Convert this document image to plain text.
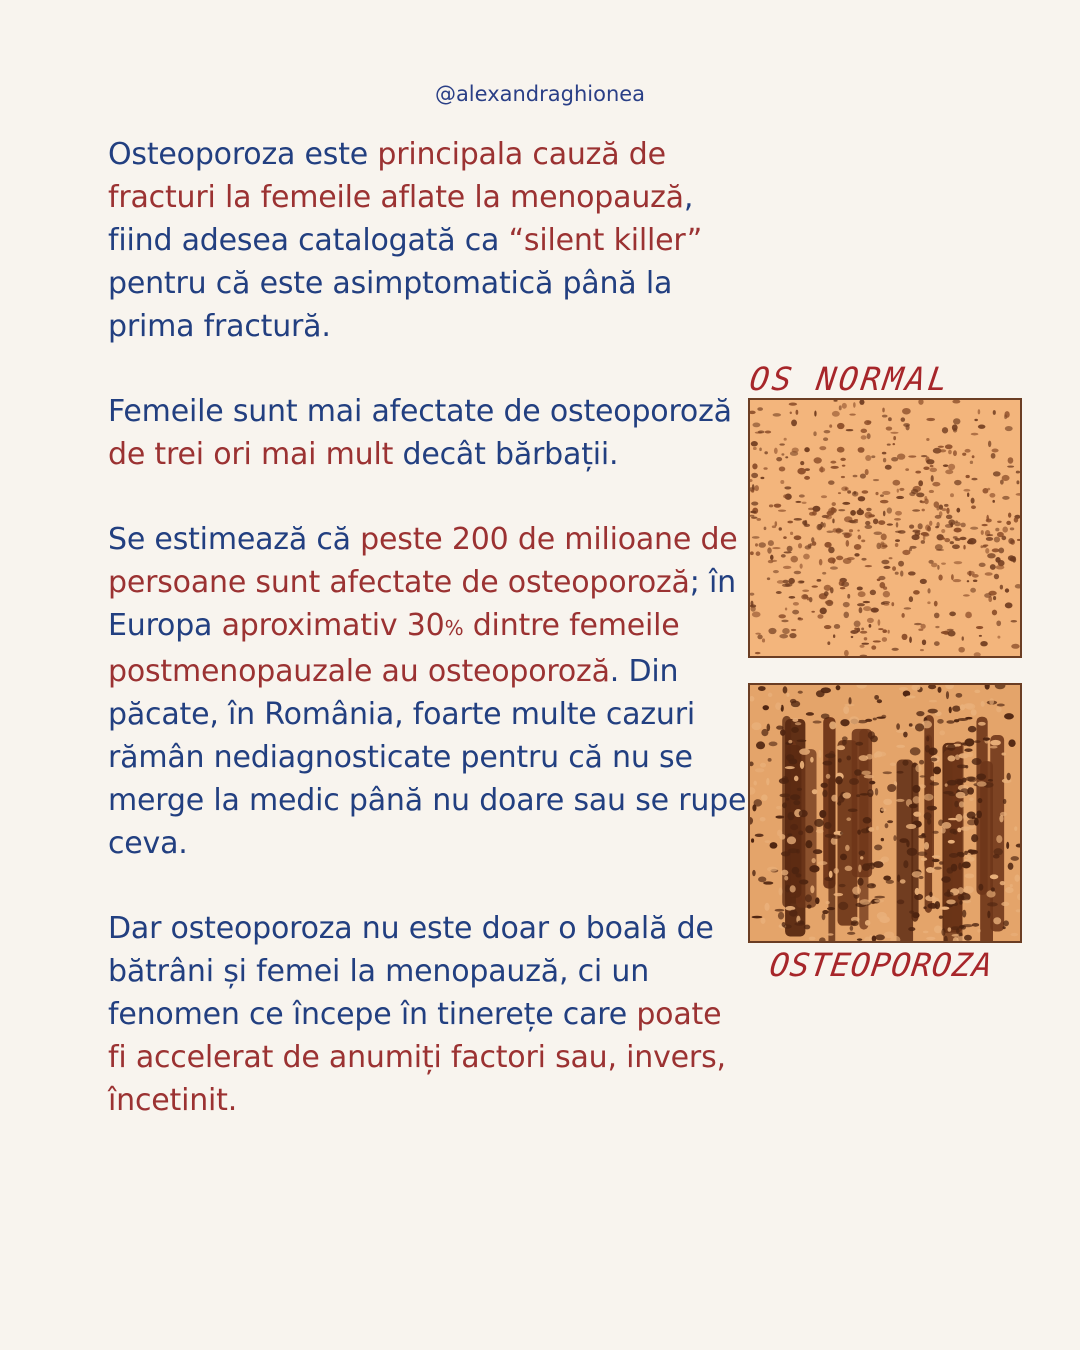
@alexandraghionea

Osteoporoza este principala cauză de fracturi la femeile aflate la menopauză, fiind adesea catalogată ca “silent killer” pentru că este asimptomatică până la prima fractură.

Femeile sunt mai afectate de osteoporoză de trei ori mai mult decât bărbații.

Se estimează că peste 200 de milioane de persoane sunt afectate de osteoporoză; în Europa aproximativ 30% dintre femeile postmenopauzale au osteoporoză. Din păcate, în România, foarte multe cazuri rămân nediagnosticate pentru că nu se merge la medic până nu doare sau se rupe ceva.

Dar osteoporoza nu este doar o boală de bătrâni și femei la menopauză, ci un fenomen ce începe în tinerețe care poate fi accelerat de anumiți factori sau, invers, încetinit.

OS NORMAL
OSTEOPOROZA
